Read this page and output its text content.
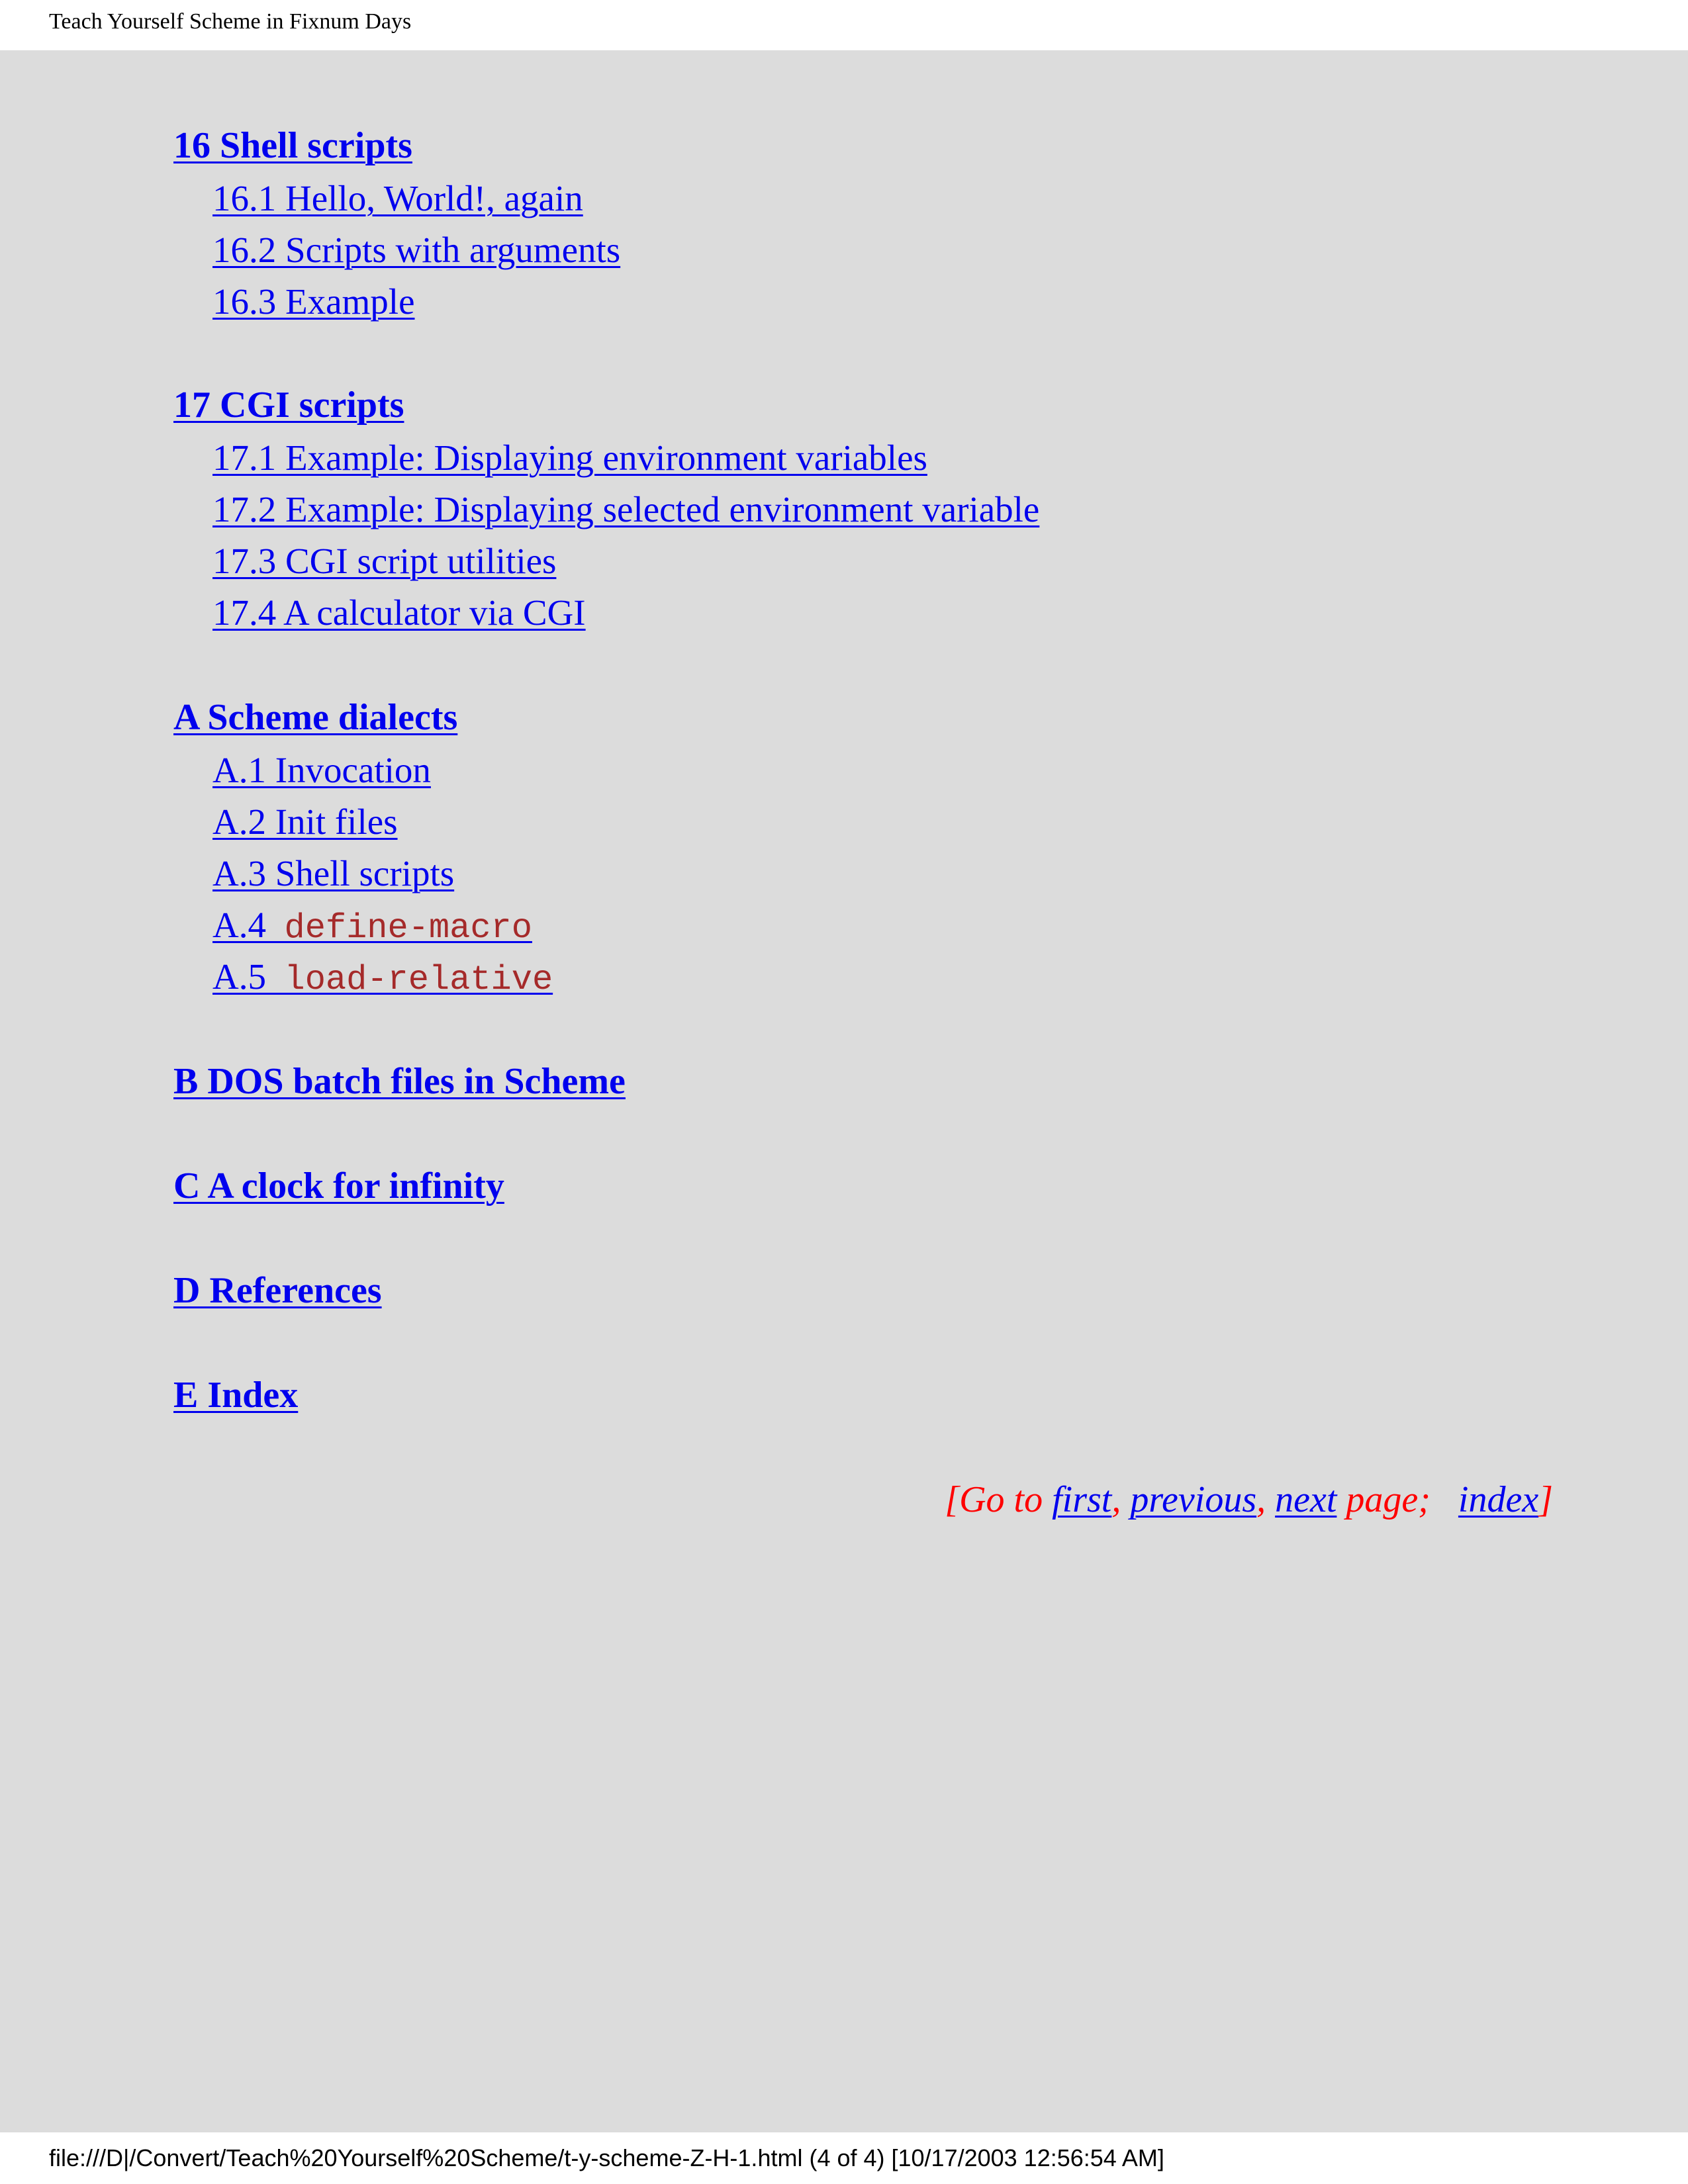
Teach Yourself Scheme in Fixnum Days
16 Shell scripts
16.1 Hello, World!, again
16.2 Scripts with arguments
16.3 Example
17 CGI scripts
17.1 Example: Displaying environment variables
17.2 Example: Displaying selected environment variable
17.3 CGI script utilities
17.4 A calculator via CGI
A Scheme dialects
A.1 Invocation
A.2 Init files
A.3 Shell scripts
A.4  define-macro
A.5  load-relative
B DOS batch files in Scheme
C A clock for infinity
D References
E Index
[Go to first, previous, next page;   index]
file:///D|/Convert/Teach%20Yourself%20Scheme/t-y-scheme-Z-H-1.html (4 of 4) [10/17/2003 12:56:54 AM]
